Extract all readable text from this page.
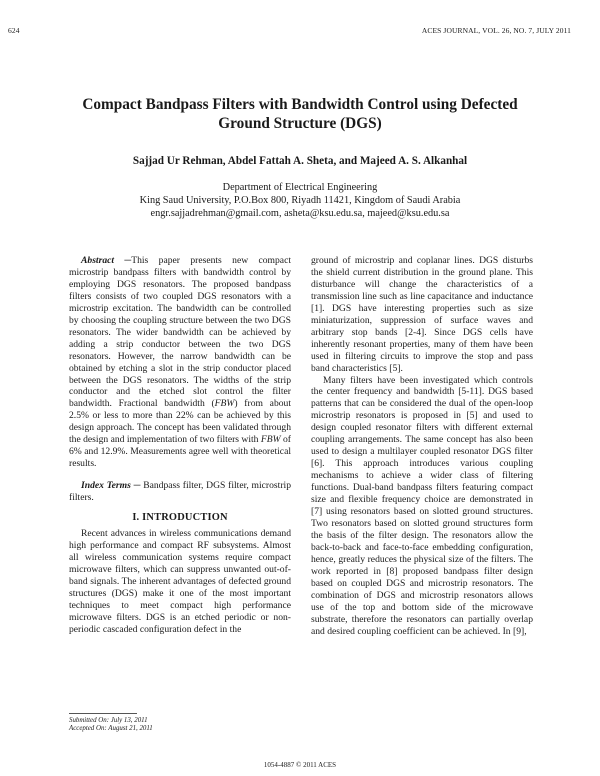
624	ACES JOURNAL, VOL. 26, NO. 7, JULY 2011
Compact Bandpass Filters with Bandwidth Control using Defected
Ground Structure (DGS)
Sajjad Ur Rehman, Abdel Fattah A. Sheta, and Majeed A. S. Alkanhal
Department of Electrical Engineering
King Saud University, P.O.Box 800, Riyadh 11421, Kingdom of Saudi Arabia
engr.sajjadrehman@gmail.com, asheta@ksu.edu.sa, majeed@ksu.edu.sa

Abstract ─This paper presents new compact microstrip bandpass filters with bandwidth control by employing DGS resonators. The proposed bandpass filters consists of two coupled DGS resonators with a microstrip excitation. The bandwidth can be controlled by choosing the coupling structure between the two DGS resonators. The wider bandwidth can be achieved by adding a strip conductor between the two DGS resonators. However, the narrow bandwidth can be obtained by etching a slot in the strip conductor placed between the DGS resonators. The widths of the strip conductor and the etched slot control the filter bandwidth. Fractional bandwidth (FBW) from about 2.5% or less to more than 22% can be achieved by this design approach. The concept has been validated through the design and implementation of two filters with FBW of 6% and 12.9%. Measurements agree well with theoretical results.

Index Terms ─ Bandpass filter, DGS filter, microstrip filters.

I. INTRODUCTION

Recent advances in wireless communications demand high performance and compact RF subsystems. Almost all wireless communication systems require compact microwave filters, which can suppress unwanted out-of-band signals. The inherent advantages of defected ground structures (DGS) make it one of the most important techniques to meet compact high performance microwave filters. DGS is an etched periodic or non-periodic cascaded configuration defect in the

ground of microstrip and coplanar lines. DGS disturbs the shield current distribution in the ground plane. This disturbance will change the characteristics of a transmission line such as line capacitance and inductance [1]. DGS have interesting properties such as size miniaturization, suppression of surface waves and arbitrary stop bands [2-4]. Since DGS cells have inherently resonant properties, many of them have been used in filtering circuits to improve the stop and pass band characteristics [5].

Many filters have been investigated which controls the center frequency and bandwidth [5-11]. DGS based patterns that can be considered the dual of the open-loop microstrip resonators is proposed in [5] and used to design coupled resonator filters with different external coupling arrangements. The same concept has also been used to design a multilayer coupled resonator DGS filter [6]. This approach introduces various coupling mechanisms to achieve a wider class of filtering functions. Dual-band bandpass filters featuring compact size and flexible frequency choice are demonstrated in [7] using resonators based on slotted ground structures. Two resonators based on slotted ground structures form the basis of the filter design. The resonators allow the back-to-back and face-to-face embedding configuration, hence, greatly reduces the physical size of the filters. The work reported in [8] proposed bandpass filter design based on coupled DGS and microstrip resonators. The combination of DGS and microstrip resonators allows use of the top and bottom side of the microwave substrate, therefore the resonators can partially overlap and desired coupling coefficient can be achieved. In [9],

Submitted On: July 13, 2011
Accepted On: August 21, 2011
1054-4887 © 2011 ACES
